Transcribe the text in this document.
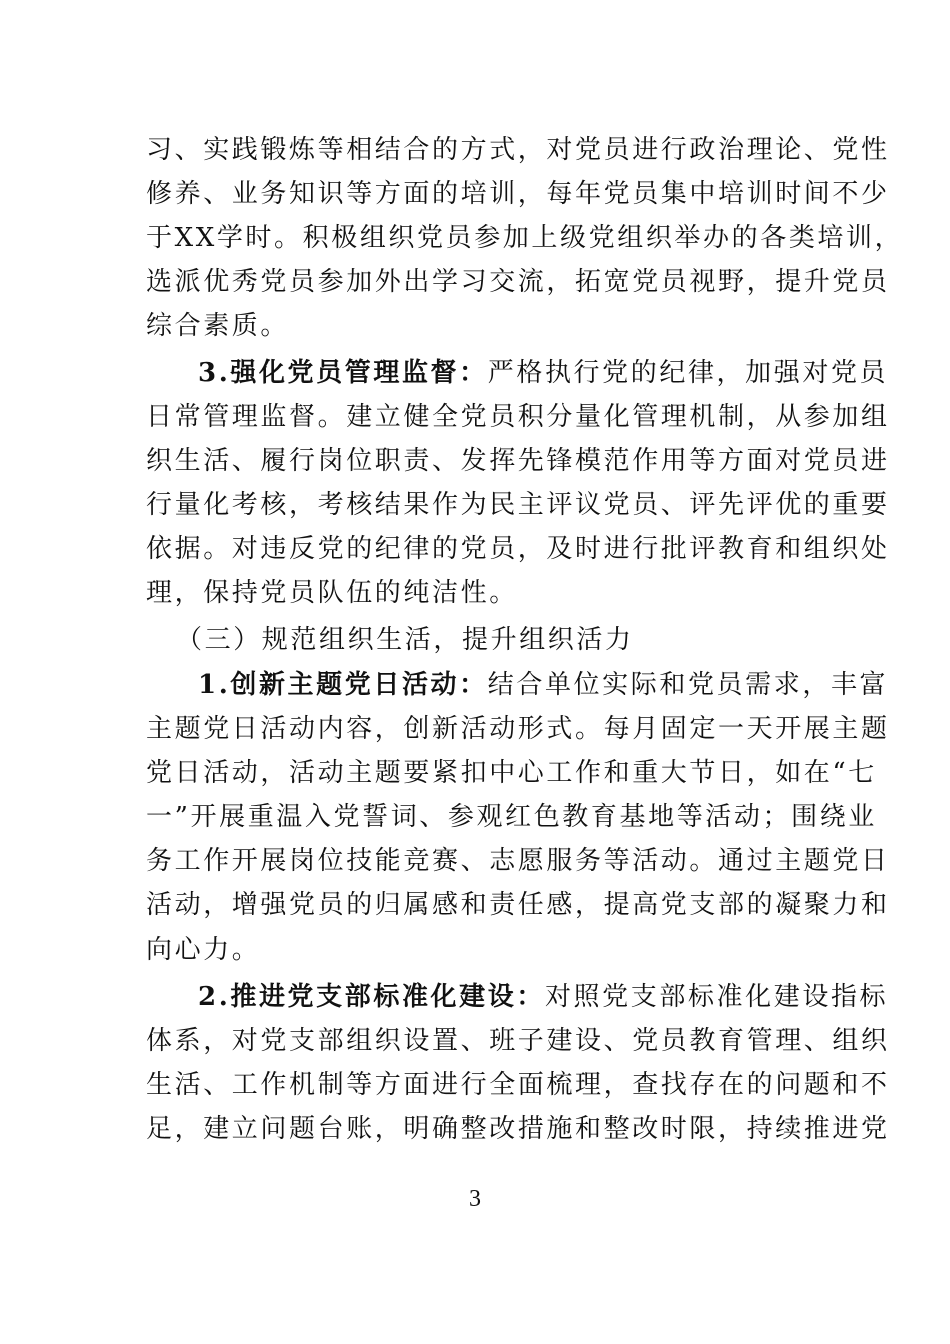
习、实践锻炼等相结合的方式，对党员进行政治理论、党性
修养、业务知识等方面的培训，每年党员集中培训时间不少
于XX学时。积极组织党员参加上级党组织举办的各类培训，
选派优秀党员参加外出学习交流，拓宽党员视野，提升党员
综合素质。
3.强化党员管理监督：严格执行党的纪律，加强对党员
日常管理监督。建立健全党员积分量化管理机制，从参加组
织生活、履行岗位职责、发挥先锋模范作用等方面对党员进
行量化考核，考核结果作为民主评议党员、评先评优的重要
依据。对违反党的纪律的党员，及时进行批评教育和组织处
理，保持党员队伍的纯洁性。
（三）规范组织生活，提升组织活力
1.创新主题党日活动：结合单位实际和党员需求，丰富
主题党日活动内容，创新活动形式。每月固定一天开展主题
党日活动，活动主题要紧扣中心工作和重大节日，如在“七
一”开展重温入党誓词、参观红色教育基地等活动；围绕业
务工作开展岗位技能竞赛、志愿服务等活动。通过主题党日
活动，增强党员的归属感和责任感，提高党支部的凝聚力和
向心力。
2.推进党支部标准化建设：对照党支部标准化建设指标
体系，对党支部组织设置、班子建设、党员教育管理、组织
生活、工作机制等方面进行全面梳理，查找存在的问题和不
足，建立问题台账，明确整改措施和整改时限，持续推进党
3
